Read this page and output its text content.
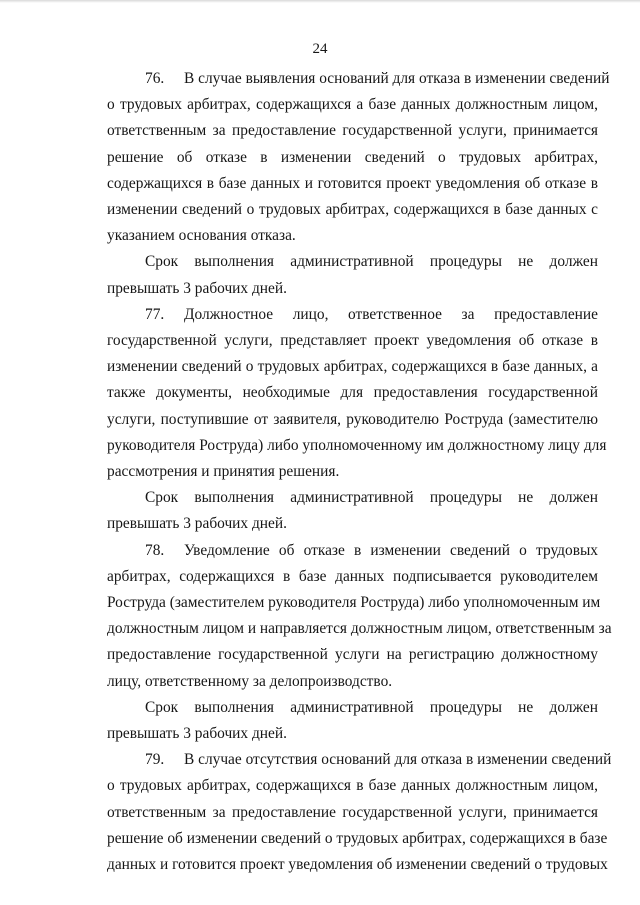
24
76. В случае выявления оснований для отказа в изменении сведений
о трудовых арбитрах, содержащихся а базе данных должностным лицом,
ответственным за предоставление государственной услуги, принимается
решение об отказе в изменении сведений о трудовых арбитрах,
содержащихся в базе данных и готовится проект уведомления об отказе в
изменении сведений о трудовых арбитрах, содержащихся в базе данных с
указанием основания отказа.
Срок выполнения административной процедуры не должен
превышать 3 рабочих дней.
77. Должностное лицо, ответственное за предоставление
государственной услуги, представляет проект уведомления об отказе в
изменении сведений о трудовых арбитрах, содержащихся в базе данных, а
также документы, необходимые для предоставления государственной
услуги, поступившие от заявителя, руководителю Роструда (заместителю
руководителя Роструда) либо уполномоченному им должностному лицу для
рассмотрения и принятия решения.
Срок выполнения административной процедуры не должен
превышать 3 рабочих дней.
78. Уведомление об отказе в изменении сведений о трудовых
арбитрах, содержащихся в базе данных подписывается руководителем
Роструда (заместителем руководителя Роструда) либо уполномоченным им
должностным лицом и направляется должностным лицом, ответственным за
предоставление государственной услуги на регистрацию должностному
лицу, ответственному за делопроизводство.
Срок выполнения административной процедуры не должен
превышать 3 рабочих дней.
79. В случае отсутствия оснований для отказа в изменении сведений
о трудовых арбитрах, содержащихся в базе данных должностным лицом,
ответственным за предоставление государственной услуги, принимается
решение об изменении сведений о трудовых арбитрах, содержащихся в базе
данных и готовится проект уведомления об изменении сведений о трудовых
